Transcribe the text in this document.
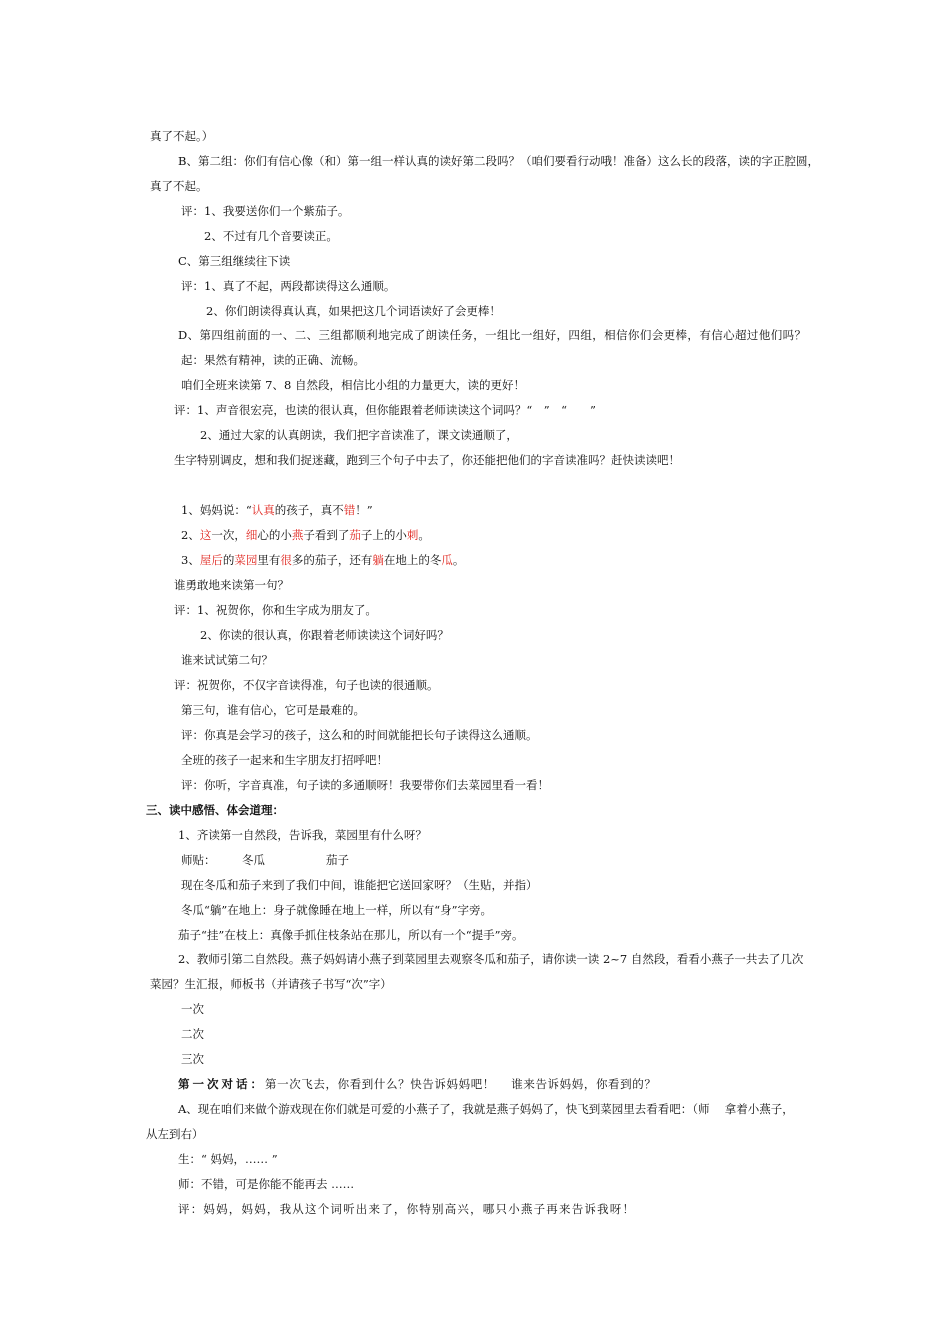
真了不起。）
B、第二组：你们有信心像（和）第一组一样认真的读好第二段吗？（咱们要看行动哦！准备）这么长的段落，读的字正腔圆，
真了不起。
评：1、我要送你们一个紫茄子。
2、不过有几个音要读正。
C、第三组继续往下读
评：1、真了不起，两段都读得这么通顺。
2、你们朗读得真认真，如果把这几个词语读好了会更棒！
D、第四组前面的一、二、三组都顺利地完成了朗读任务，一组比一组好，四组，相信你们会更棒，有信心超过他们吗？
起：果然有精神，读的正确、流畅。
咱们全班来读第 7、8 自然段，相信比小组的力量更大，读的更好！
评：1、声音很宏亮，也读的很认真，但你能跟着老师读读这个词吗？“　”　“　　”
2、通过大家的认真朗读，我们把字音读准了，课文读通顺了，
生字特别调皮，想和我们捉迷藏，跑到三个句子中去了，你还能把他们的字音读准吗？赶快读读吧！
1、妈妈说：“认真的孩子，真不错！”
2、这一次，细心的小燕子看到了茄子上的小刺。
3、屋后的菜园里有很多的茄子，还有躺在地上的冬瓜。
谁勇敢地来读第一句？
评：1、祝贺你，你和生字成为朋友了。
2、你读的很认真，你跟着老师读读这个词好吗？
谁来试试第二句？
评：祝贺你，不仅字音读得准，句子也读的很通顺。
第三句，谁有信心，它可是最难的。
评：你真是会学习的孩子，这么和的时间就能把长句子读得这么通顺。
全班的孩子一起来和生字朋友打招呼吧！
评：你听，字音真准，句子读的多通顺呀！我要带你们去菜园里看一看！
三、读中感悟、体会道理：
1、齐读第一自然段，告诉我，菜园里有什么呀？
师贴： 冬瓜	茄子
现在冬瓜和茄子来到了我们中间，谁能把它送回家呀？（生贴，并指）
冬瓜“躺”在地上：身子就像睡在地上一样，所以有“身”字旁。
茄子“挂”在枝上：真像手抓住枝条站在那儿，所以有一个“提手”旁。
2、教师引第二自然段。燕子妈妈请小燕子到菜园里去观察冬瓜和茄子，请你读一读 2~7 自然段，看看小燕子一共去了几次
菜园？生汇报，师板书（并请孩子书写“次”字）
一次
二次
三次
第一次对话：第一次飞去，你看到什么？快告诉妈妈吧！　 谁来告诉妈妈，你看到的？
A、现在咱们来做个游戏现在你们就是可爱的小燕子了，我就是燕子妈妈了，快飞到菜园里去看看吧：（师　 拿着小燕子，
从左到右）
生：“ 妈妈，…… ”
师：不错，可是你能不能再去 ……
评：妈妈，妈妈，我从这个词听出来了，你特别高兴，哪只小燕子再来告诉我呀！
